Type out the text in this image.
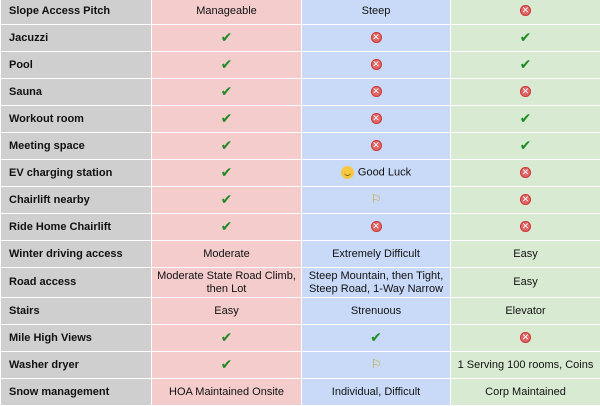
Slope Access Pitch	Manageable	Steep	✕
Jacuzzi	✔	✕	✔
Pool	✔	✕	✔
Sauna	✔	✕	✕
Workout room	✔	✕	✔
Meeting space	✔	✕	✔
EV charging station	✔	Good Luck	✕
Chairlift nearby	✔	⚐	✕
Ride Home Chairlift	✔	✕	✕
Winter driving access	Moderate	Extremely Difficult	Easy
Road access	Moderate State Road Climb, then Lot	Steep Mountain, then Tight, Steep Road, 1-Way Narrow	Easy
Stairs	Easy	Strenuous	Elevator
Mile High Views	✔	✔	✕
Washer dryer	✔	⚐	1 Serving 100 rooms, Coins
Snow management	HOA Maintained Onsite	Individual, Difficult	Corp Maintained
